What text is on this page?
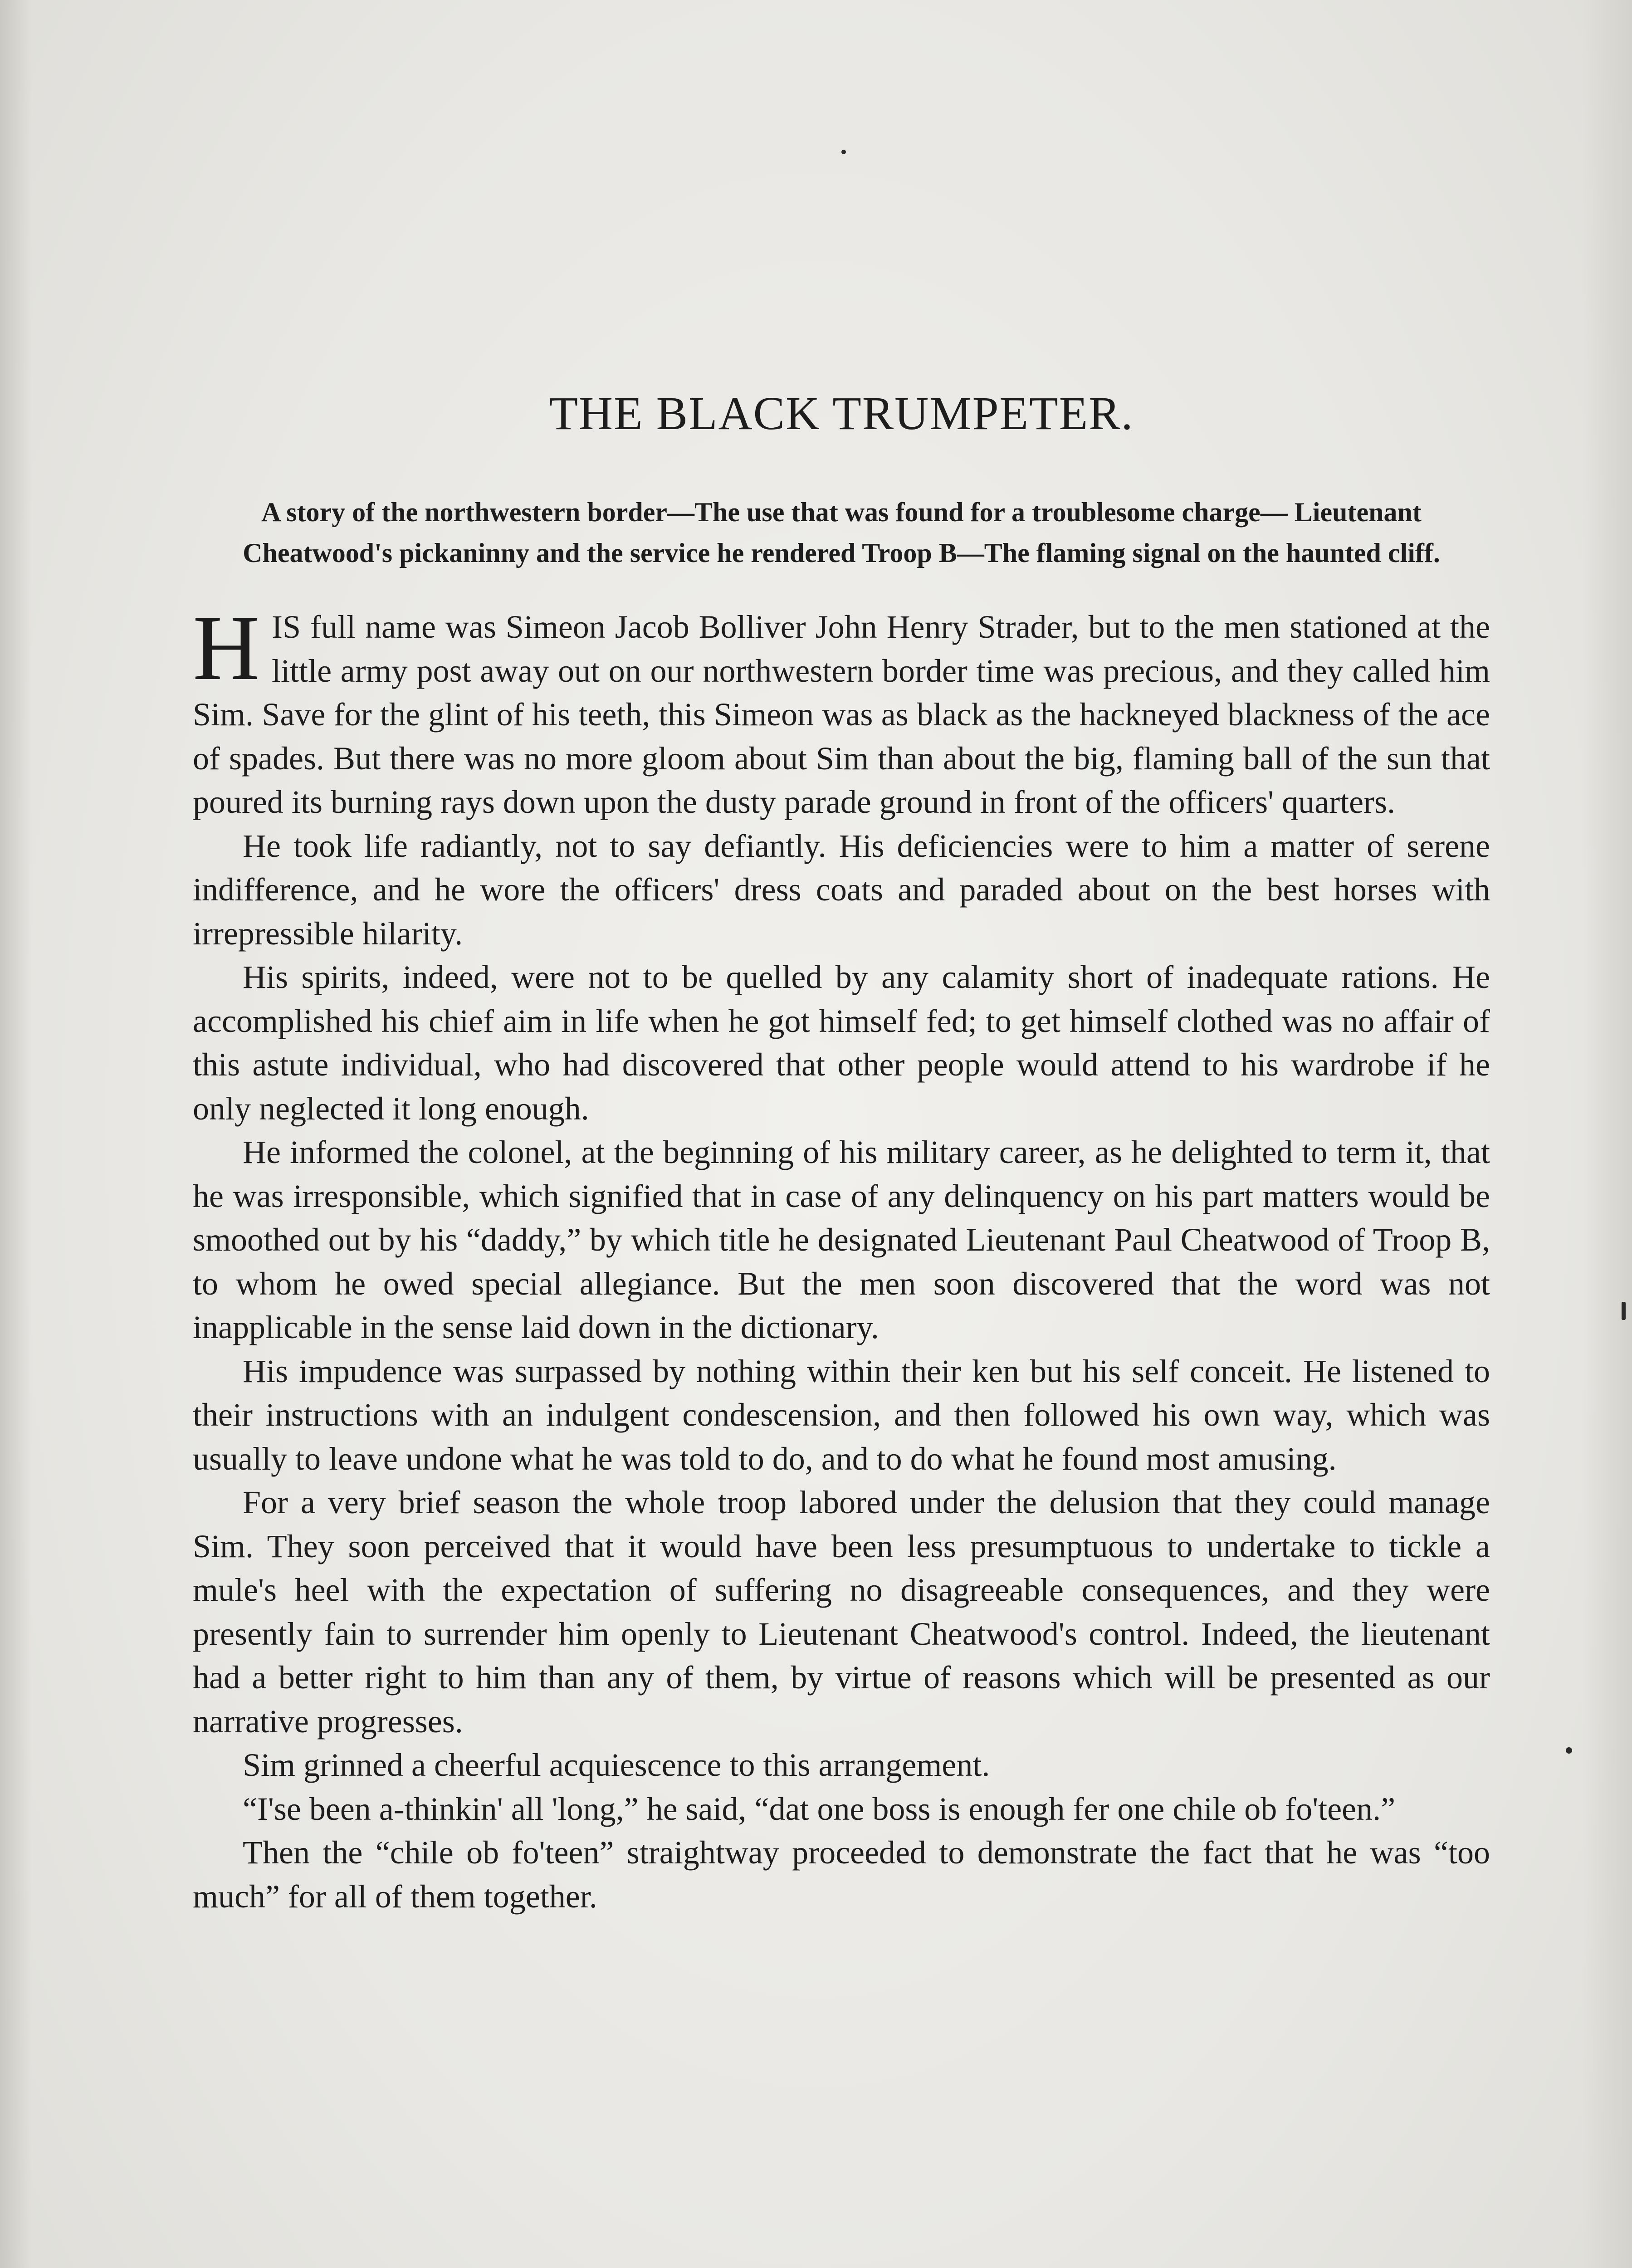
THE BLACK TRUMPETER.

A story of the northwestern border—The use that was found for a troublesome charge— Lieutenant Cheatwood's pickaninny and the service he rendered Troop B—The flaming signal on the haunted cliff.

HIS full name was Simeon Jacob Bolliver John Henry Strader, but to the men stationed at the little army post away out on our northwestern border time was precious, and they called him Sim. Save for the glint of his teeth, this Simeon was as black as the hackneyed blackness of the ace of spades. But there was no more gloom about Sim than about the big, flaming ball of the sun that poured its burning rays down upon the dusty parade ground in front of the officers' quarters.

He took life radiantly, not to say defiantly. His deficiencies were to him a matter of serene indifference, and he wore the officers' dress coats and paraded about on the best horses with irrepressible hilarity.

His spirits, indeed, were not to be quelled by any calamity short of inadequate rations. He accomplished his chief aim in life when he got himself fed; to get himself clothed was no affair of this astute individual, who had discovered that other people would attend to his wardrobe if he only neglected it long enough.

He informed the colonel, at the beginning of his military career, as he delighted to term it, that he was irresponsible, which signified that in case of any delinquency on his part matters would be smoothed out by his “daddy,” by which title he designated Lieutenant Paul Cheatwood of Troop B, to whom he owed special allegiance. But the men soon discovered that the word was not inapplicable in the sense laid down in the dictionary.

His impudence was surpassed by nothing within their ken but his self conceit. He listened to their instructions with an indulgent condescension, and then followed his own way, which was usually to leave undone what he was told to do, and to do what he found most amusing.

For a very brief season the whole troop labored under the delusion that they could manage Sim. They soon perceived that it would have been less presumptuous to undertake to tickle a mule's heel with the expectation of suffering no disagreeable consequences, and they were presently fain to surrender him openly to Lieutenant Cheatwood's control. Indeed, the lieutenant had a better right to him than any of them, by virtue of reasons which will be presented as our narrative progresses.

Sim grinned a cheerful acquiescence to this arrangement.

“I'se been a-thinkin' all 'long,” he said, “dat one boss is enough fer one chile ob fo'teen.”

Then the “chile ob fo'teen” straightway proceeded to demonstrate the fact that he was “too much” for all of them together.
